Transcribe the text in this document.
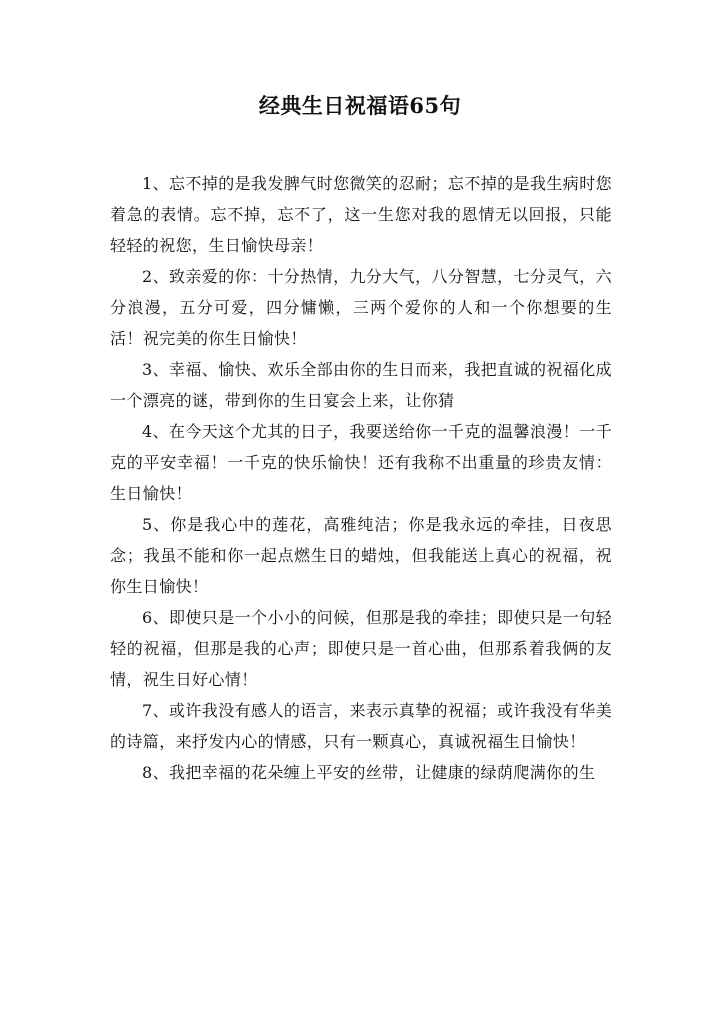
经典生日祝福语65句

1、忘不掉的是我发脾气时您微笑的忍耐；忘不掉的是我生病时您着急的表情。忘不掉，忘不了，这一生您对我的恩情无以回报，只能轻轻的祝您，生日愉快母亲！

2、致亲爱的你：十分热情，九分大气，八分智慧，七分灵气，六分浪漫，五分可爱，四分慵懒，三两个爱你的人和一个你想要的生活！祝完美的你生日愉快！

3、幸福、愉快、欢乐全部由你的生日而来，我把直诚的祝福化成一个漂亮的谜，带到你的生日宴会上来，让你猜

4、在今天这个尤其的日子，我要送给你一千克的温馨浪漫！一千克的平安幸福！一千克的快乐愉快！还有我称不出重量的珍贵友情：生日愉快！

5、你是我心中的莲花，高雅纯洁；你是我永远的牵挂，日夜思念；我虽不能和你一起点燃生日的蜡烛，但我能送上真心的祝福，祝你生日愉快！

6、即使只是一个小小的问候，但那是我的牵挂；即使只是一句轻轻的祝福，但那是我的心声；即使只是一首心曲，但那系着我俩的友情，祝生日好心情！

7、或许我没有感人的语言，来表示真挚的祝福；或许我没有华美的诗篇，来抒发内心的情感，只有一颗真心，真诚祝福生日愉快！

8、我把幸福的花朵缠上平安的丝带，让健康的绿荫爬满你的生
